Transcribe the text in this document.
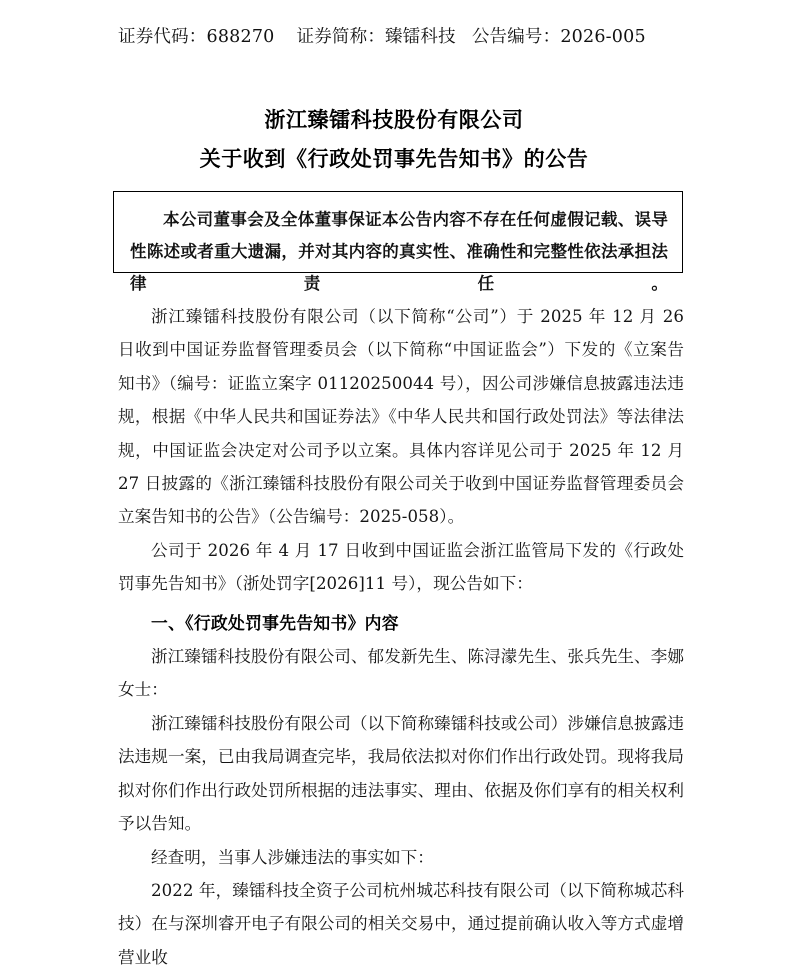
证券代码：688270 证券简称：臻镭科技 公告编号：2026-005
浙江臻镭科技股份有限公司
关于收到《行政处罚事先告知书》的公告
本公司董事会及全体董事保证本公告内容不存在任何虚假记载、误导性陈述或者重大遗漏，并对其内容的真实性、准确性和完整性依法承担法律责任。

浙江臻镭科技股份有限公司（以下简称“公司”）于 2025 年 12 月 26 日收到中国证券监督管理委员会（以下简称“中国证监会”）下发的《立案告知书》（编号：证监立案字 01120250044 号），因公司涉嫌信息披露违法违规，根据《中华人民共和国证券法》《中华人民共和国行政处罚法》等法律法规，中国证监会决定对公司予以立案。具体内容详见公司于 2025 年 12 月 27 日披露的《浙江臻镭科技股份有限公司关于收到中国证券监督管理委员会立案告知书的公告》（公告编号：2025-058）。

公司于 2026 年 4 月 17 日收到中国证监会浙江监管局下发的《行政处罚事先告知书》（浙处罚字[2026]11 号），现公告如下：

一、《行政处罚事先告知书》内容

浙江臻镭科技股份有限公司、郁发新先生、陈浔濛先生、张兵先生、李娜女士：

浙江臻镭科技股份有限公司（以下简称臻镭科技或公司）涉嫌信息披露违法违规一案，已由我局调查完毕，我局依法拟对你们作出行政处罚。现将我局拟对你们作出行政处罚所根据的违法事实、理由、依据及你们享有的相关权利予以告知。

经查明，当事人涉嫌违法的事实如下：

2022 年，臻镭科技全资子公司杭州城芯科技有限公司（以下简称城芯科技）在与深圳睿开电子有限公司的相关交易中，通过提前确认收入等方式虚增营业收
